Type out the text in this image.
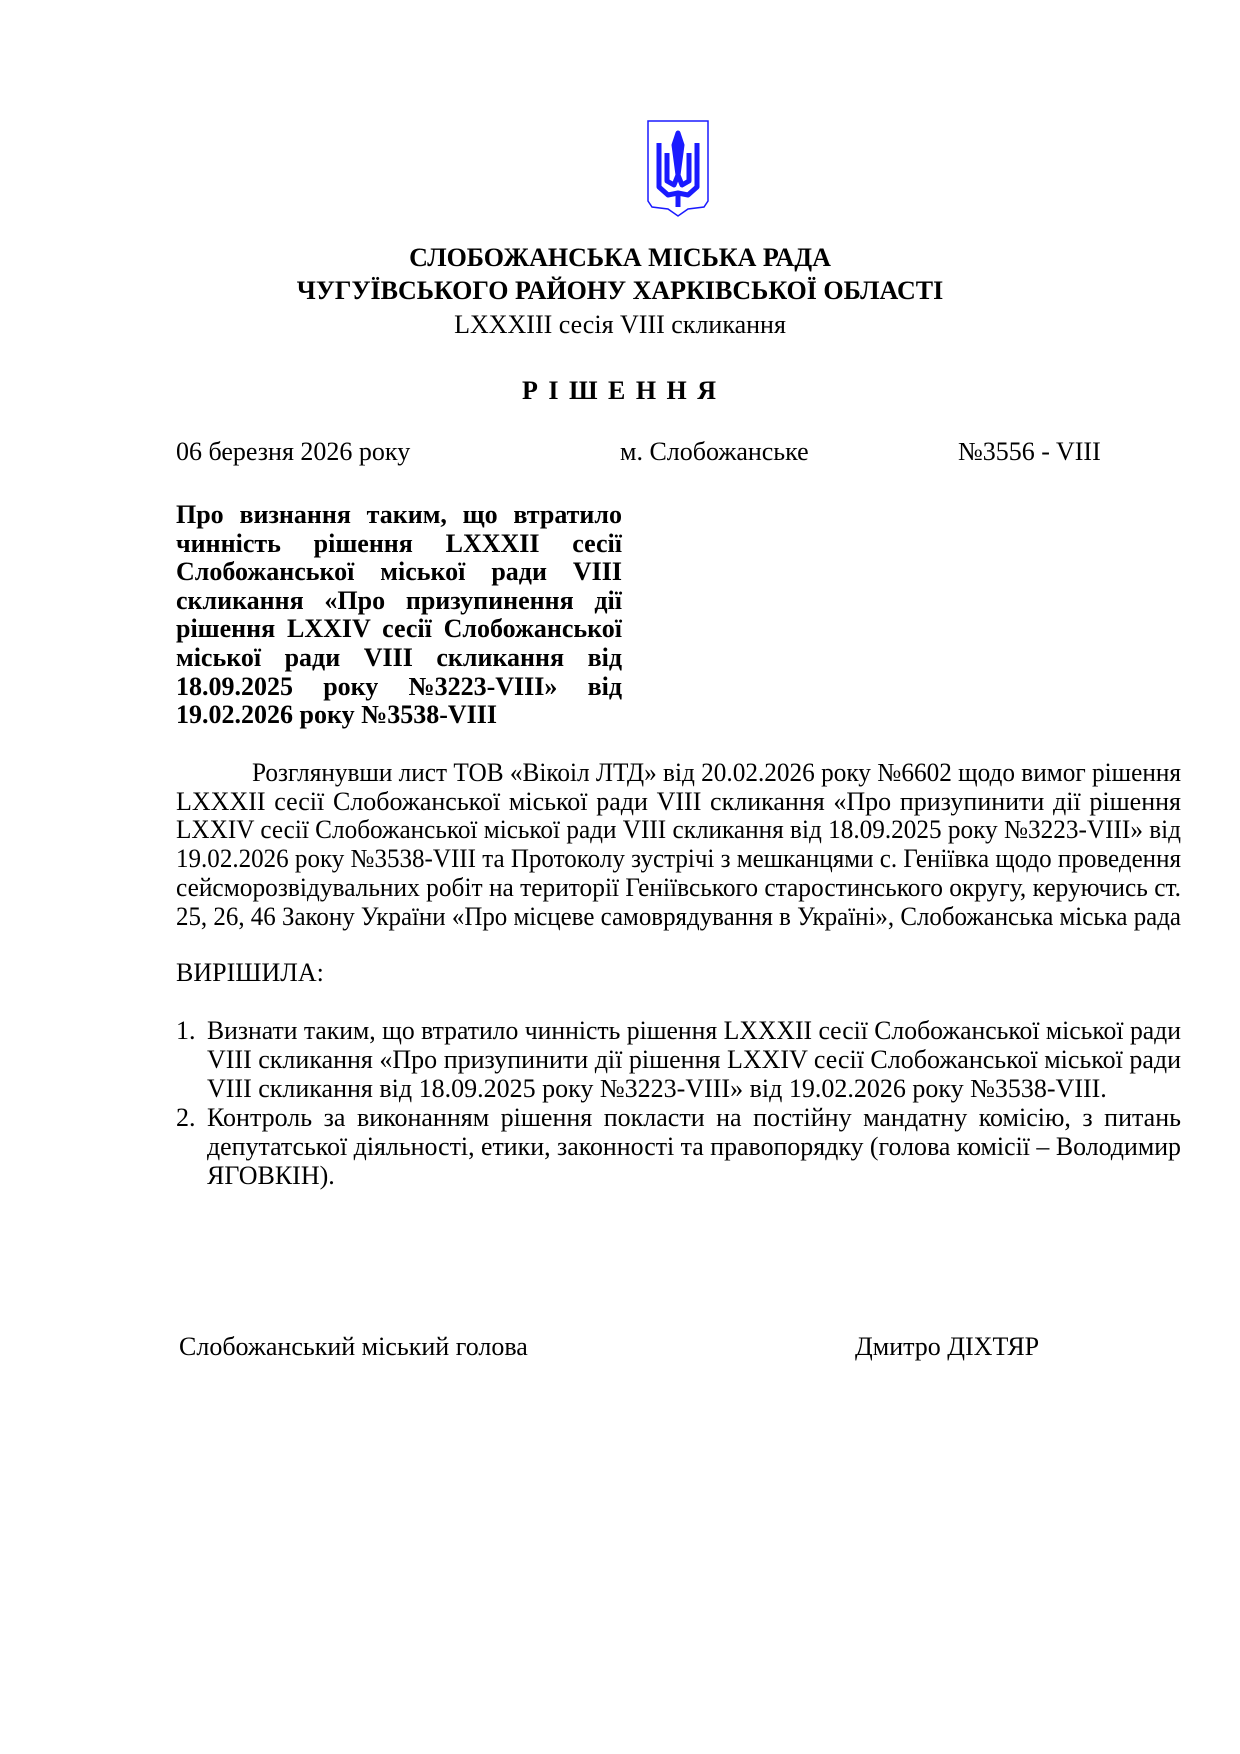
СЛОБОЖАНСЬКА МІСЬКА РАДА
ЧУГУЇВСЬКОГО РАЙОНУ ХАРКІВСЬКОЇ ОБЛАСТІ
LXXXIII сесія VIII скликання
Р І Ш Е Н Н Я
06 березня 2026 року	м. Слобожанське	№3556 - VIII
Про визнання таким, що втратило
чинність рішення LXXXII сесії
Слобожанської міської ради VIII
скликання «Про призупинення дії
рішення LXXIV сесії Слобожанської
міської ради VIII скликання від
18.09.2025 року №3223-VIII» від
19.02.2026 року №3538-VIII
Розглянувши лист ТОВ «Вікоіл ЛТД» від 20.02.2026 року №6602 щодо вимог рішення
LXXXII сесії Слобожанської міської ради VIII скликання «Про призупинити дії рішення
LXXIV сесії Слобожанської міської ради VIII скликання від 18.09.2025 року №3223-VIII» від
19.02.2026 року №3538-VIII та Протоколу зустрічі з мешканцями с. Геніївка щодо проведення
сейсморозвідувальних робіт на території Геніївського старостинського округу, керуючись ст.
25, 26, 46 Закону України «Про місцеве самоврядування в Україні», Слобожанська міська рада
ВИРІШИЛА:
1. Визнати таким, що втратило чинність рішення LXXXII сесії Слобожанської міської ради
VIII скликання «Про призупинити дії рішення LXXIV сесії Слобожанської міської ради
VIII скликання від 18.09.2025 року №3223-VIII» від 19.02.2026 року №3538-VIII.
2. Контроль за виконанням рішення покласти на постійну мандатну комісію, з питань
депутатської діяльності, етики, законності та правопорядку (голова комісії – Володимир
ЯГОВКІН).
Слобожанський міський голова	Дмитро ДІХТЯР
